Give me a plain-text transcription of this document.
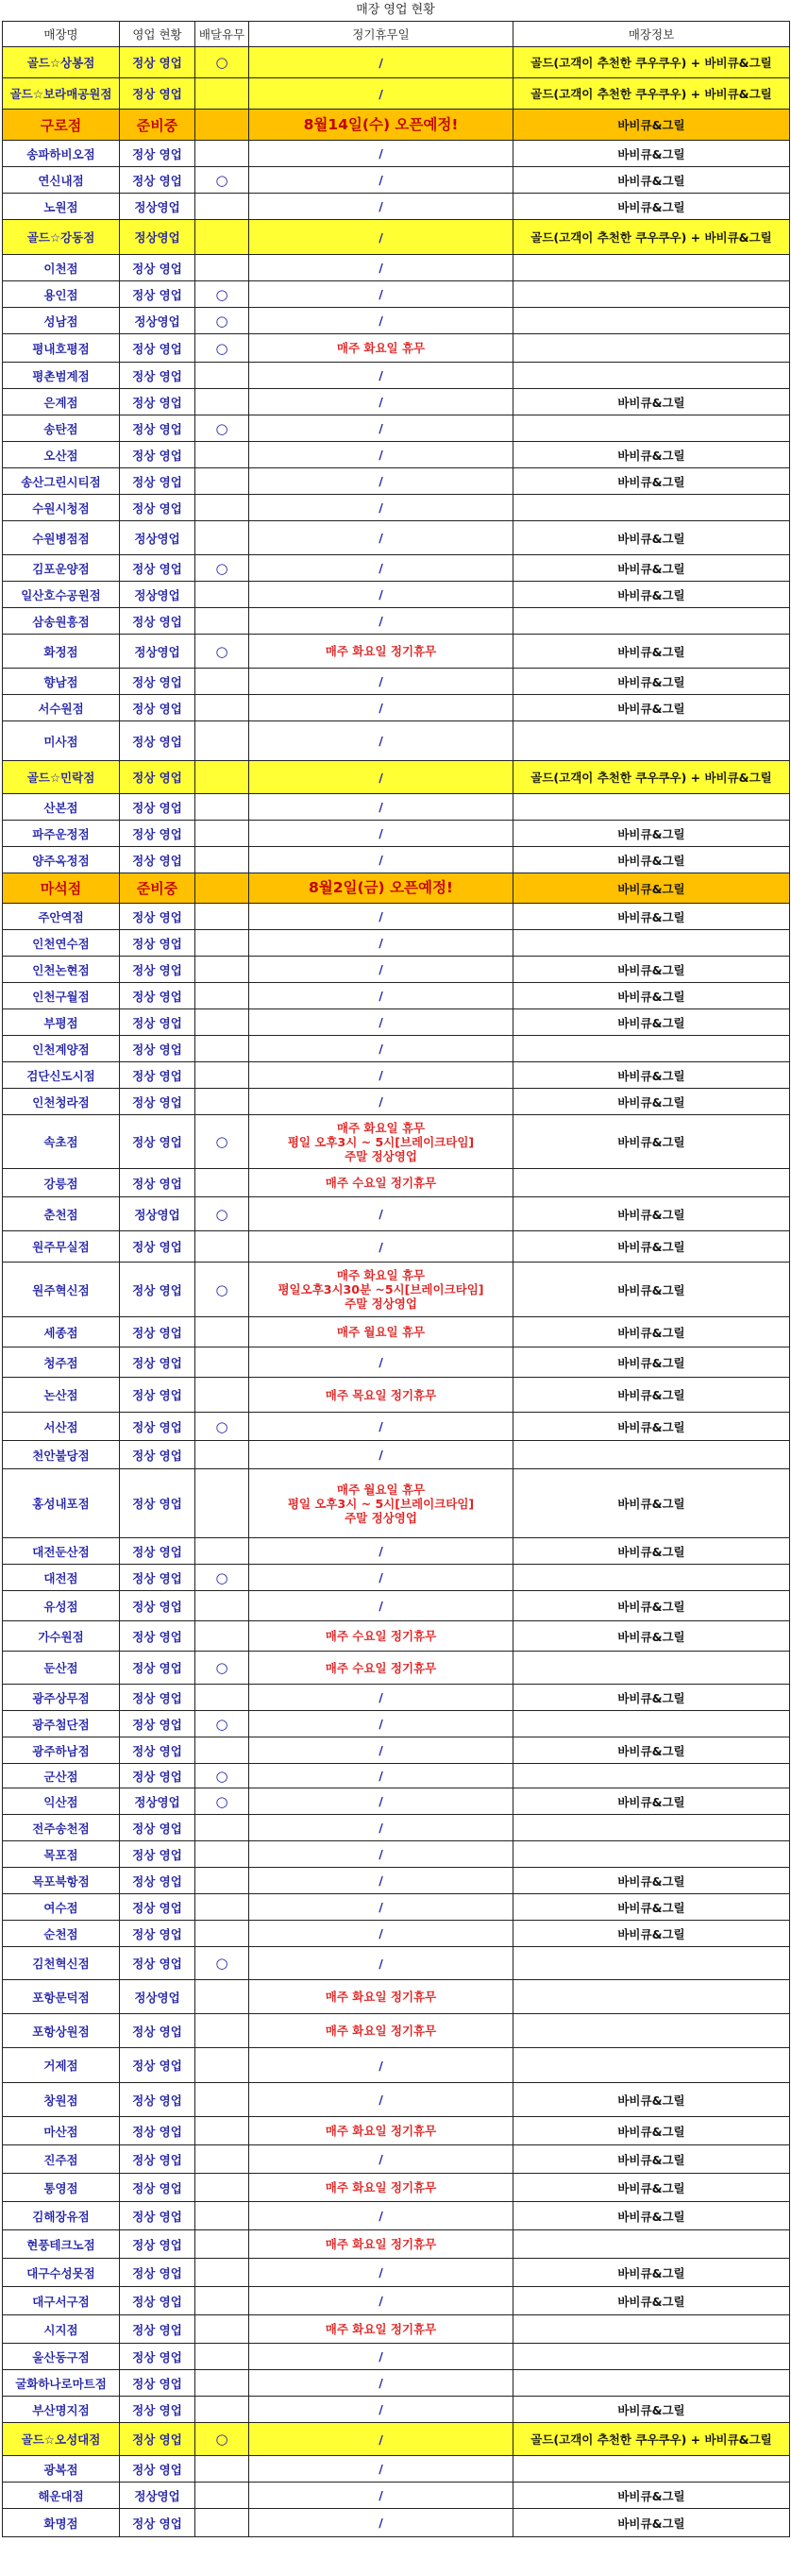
매장 영업 현황
매장명	영업 현황	배달유무	정기휴무일	매장정보
골드☆상봉점	정상 영업	○	/	골드(고객이 추천한 쿠우쿠우) + 바비큐&그릴
골드☆보라매공원점	정상 영업		/	골드(고객이 추천한 쿠우쿠우) + 바비큐&그릴
구로점	준비중		8월14일(수) 오픈예정!	바비큐&그릴
송파하비오점	정상 영업		/	바비큐&그릴
연신내점	정상 영업	○	/	바비큐&그릴
노원점	정상영업		/	바비큐&그릴
골드☆강동점	정상영업		/	골드(고객이 추천한 쿠우쿠우) + 바비큐&그릴
이천점	정상 영업		/	
용인점	정상 영업	○	/	
성남점	정상영업	○	/	
평내호평점	정상 영업	○	매주 화요일 휴무	
평촌범계점	정상 영업		/	
은계점	정상 영업		/	바비큐&그릴
송탄점	정상 영업	○	/	
오산점	정상 영업		/	바비큐&그릴
송산그린시티점	정상 영업		/	바비큐&그릴
수원시청점	정상 영업		/	
수원병점점	정상영업		/	바비큐&그릴
김포운양점	정상 영업	○	/	바비큐&그릴
일산호수공원점	정상영업		/	바비큐&그릴
삼송원흥점	정상 영업		/	
화정점	정상영업	○	매주 화요일 정기휴무	바비큐&그릴
향남점	정상 영업		/	바비큐&그릴
서수원점	정상 영업		/	바비큐&그릴
미사점	정상 영업		/	
골드☆민락점	정상 영업		/	골드(고객이 추천한 쿠우쿠우) + 바비큐&그릴
산본점	정상 영업		/	
파주운정점	정상 영업		/	바비큐&그릴
양주옥정점	정상 영업		/	바비큐&그릴
마석점	준비중		8월2일(금) 오픈예정!	바비큐&그릴
주안역점	정상 영업		/	바비큐&그릴
인천연수점	정상 영업		/	
인천논현점	정상 영업		/	바비큐&그릴
인천구월점	정상 영업		/	바비큐&그릴
부평점	정상 영업		/	바비큐&그릴
인천계양점	정상 영업		/	
검단신도시점	정상 영업		/	바비큐&그릴
인천청라점	정상 영업		/	바비큐&그릴
속초점	정상 영업	○	매주 화요일 휴무
평일 오후3시 ~ 5시[브레이크타임]
주말 정상영업	바비큐&그릴
강릉점	정상 영업		매주 수요일 정기휴무	
춘천점	정상영업	○	/	바비큐&그릴
원주무실점	정상 영업		/	바비큐&그릴
원주혁신점	정상 영업	○	매주 화요일 휴무
평일오후3시30분 ~5시[브레이크타임]
주말 정상영업	바비큐&그릴
세종점	정상 영업		매주 월요일 휴무	바비큐&그릴
청주점	정상 영업		/	바비큐&그릴
논산점	정상 영업		매주 목요일 정기휴무	바비큐&그릴
서산점	정상 영업	○	/	바비큐&그릴
천안불당점	정상 영업		/	
홍성내포점	정상 영업		매주 월요일 휴무
평일 오후3시 ~ 5시[브레이크타임]
주말 정상영업	바비큐&그릴
대전둔산점	정상 영업		/	바비큐&그릴
대전점	정상 영업	○	/	
유성점	정상 영업		/	바비큐&그릴
가수원점	정상 영업		매주 수요일 정기휴무	바비큐&그릴
둔산점	정상 영업	○	매주 수요일 정기휴무	
광주상무점	정상 영업		/	바비큐&그릴
광주첨단점	정상 영업	○	/	
광주하남점	정상 영업		/	바비큐&그릴
군산점	정상 영업	○	/	
익산점	정상영업	○	/	바비큐&그릴
전주송천점	정상 영업		/	
목포점	정상 영업		/	
목포북항점	정상 영업		/	바비큐&그릴
여수점	정상 영업		/	바비큐&그릴
순천점	정상 영업		/	바비큐&그릴
김천혁신점	정상 영업	○	/	
포항문덕점	정상영업		매주 화요일 정기휴무	
포항상원점	정상 영업		매주 화요일 정기휴무	
거제점	정상 영업		/	
창원점	정상 영업		/	바비큐&그릴
마산점	정상 영업		매주 화요일 정기휴무	바비큐&그릴
진주점	정상 영업		/	바비큐&그릴
통영점	정상 영업		매주 화요일 정기휴무	바비큐&그릴
김해장유점	정상 영업		/	바비큐&그릴
현풍테크노점	정상 영업		매주 화요일 정기휴무	
대구수성못점	정상 영업		/	바비큐&그릴
대구서구점	정상 영업		/	바비큐&그릴
시지점	정상 영업		매주 화요일 정기휴무	
울산동구점	정상 영업		/	
굴화하나로마트점	정상 영업		/	
부산명지점	정상 영업		/	바비큐&그릴
골드☆오성대점	정상 영업	○	/	골드(고객이 추천한 쿠우쿠우) + 바비큐&그릴
광복점	정상 영업		/	
해운대점	정상영업		/	바비큐&그릴
화명점	정상 영업		/	바비큐&그릴
